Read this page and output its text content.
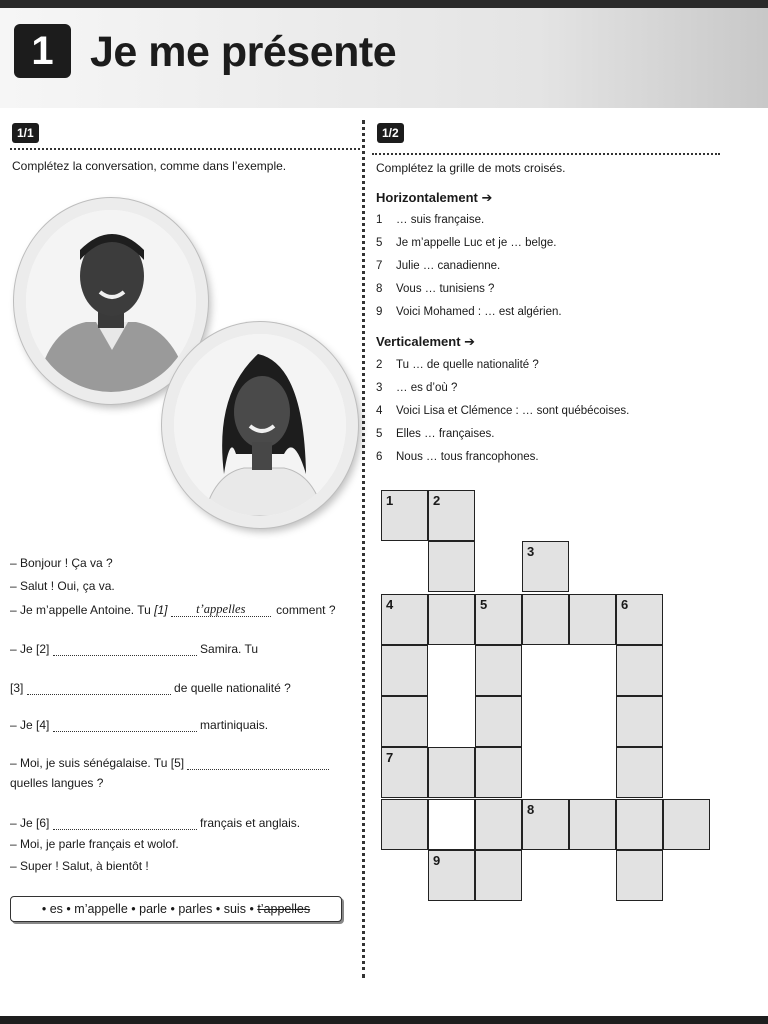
1 Je me présente
1/1
Complétez la conversation, comme dans l’exemple.
– Bonjour ! Ça va ?
– Salut ! Oui, ça va.
– Je m’appelle Antoine. Tu [1] t’appelles	comment ?
– Je [2]	Samira. Tu
[3]	de quelle nationalité ?
– Je [4]	martiniquais.
– Moi, je suis sénégalaise. Tu [5]
quelles langues ?
– Je [6]	français et anglais.
– Moi, je parle français et wolof.
– Super ! Salut, à bientôt !
• es • m’appelle • parle • parles • suis • t’appelles
1/2
Complétez la grille de mots croisés.
Horizontalement ➔
1 … suis française.
5 Je m’appelle Luc et je … belge.
7 Julie … canadienne.
8 Vous … tunisiens ?
9 Voici Mohamed : … est algérien.
Verticalement ➔
2 Tu … de quelle nationalité ?
3 … es d’où ?
4 Voici Lisa et Clémence : … sont québécoises.
5 Elles … françaises.
6 Nous … tous francophones.
1	2
3
4	5	6
7
8
9
